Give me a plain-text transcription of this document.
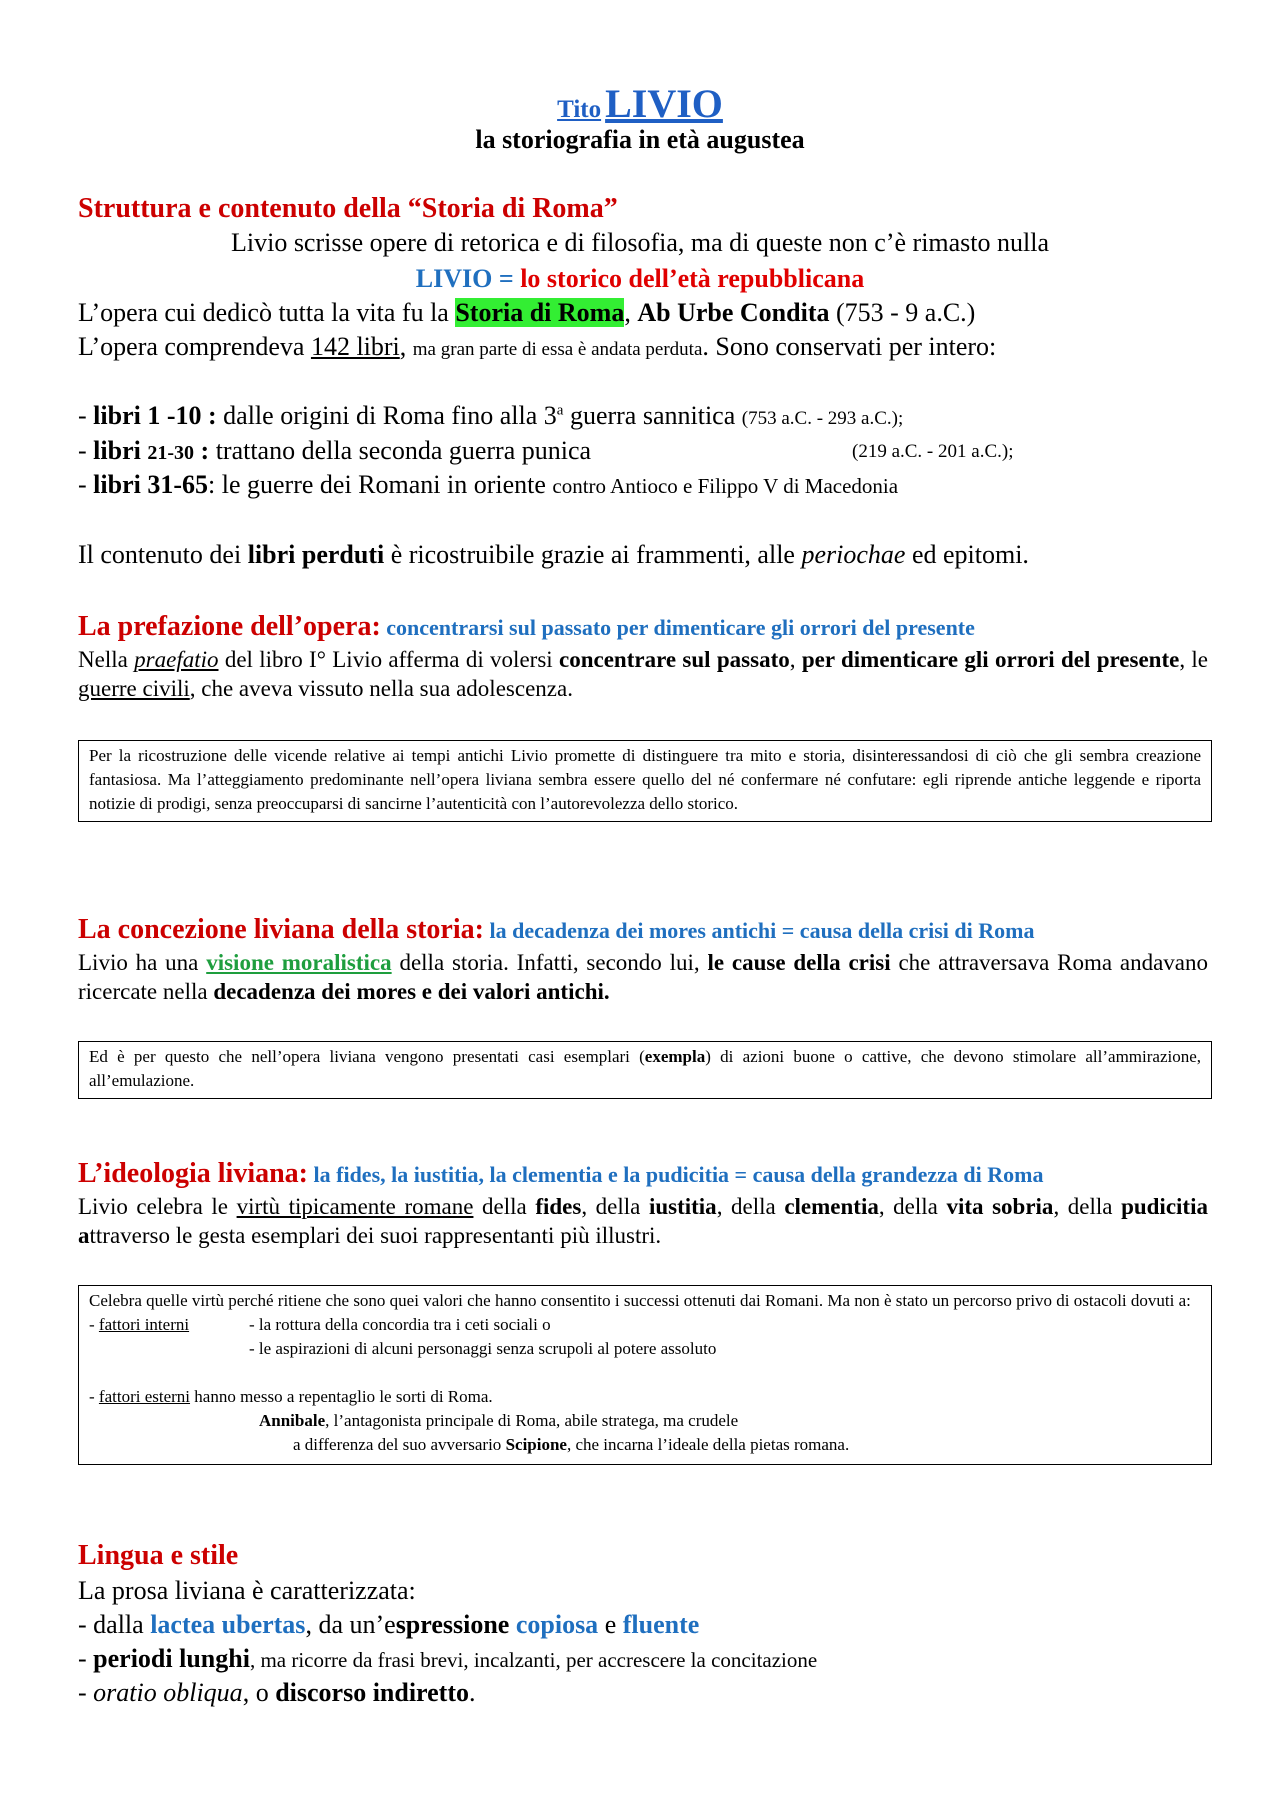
Tito LIVIO
la storiografia in età augustea
Struttura e contenuto della “Storia di Roma”
Livio scrisse opere di retorica e di filosofia, ma di queste non c’è rimasto nulla
LIVIO = lo storico dell’età repubblicana
L’opera cui dedicò tutta la vita fu la Storia di Roma, Ab Urbe Condita (753 - 9 a.C.)
L’opera comprendeva 142 libri, ma gran parte di essa è andata perduta. Sono conservati per intero:
- libri 1 -10 : dalle origini di Roma fino alla 3$^a$ guerra sannitica (753 a.C. - 293 a.C.);
- libri 21-30 : trattano della seconda guerra punica	(219 a.C. - 201 a.C.);
- libri 31-65: le guerre dei Romani in oriente contro Antioco e Filippo V di Macedonia
Il contenuto dei libri perduti è ricostruibile grazie ai frammenti, alle periochae ed epitomi.
La prefazione dell’opera: concentrarsi sul passato per dimenticare gli orrori del presente
Nella praefatio del libro I° Livio afferma di volersi concentrare sul passato, per dimenticare gli orrori del presente, le guerre civili, che aveva vissuto nella sua adolescenza.
Per la ricostruzione delle vicende relative ai tempi antichi Livio promette di distinguere tra mito e storia, disinteressandosi di ciò che gli sembra creazione fantasiosa. Ma l’atteggiamento predominante nell’opera liviana sembra essere quello del né confermare né confutare: egli riprende antiche leggende e riporta notizie di prodigi, senza preoccuparsi di sancirne l’autenticità con l’autorevolezza dello storico.
La concezione liviana della storia: la decadenza dei mores antichi = causa della crisi di Roma
Livio ha una visione moralistica della storia. Infatti, secondo lui, le cause della crisi che attraversava Roma andavano ricercate nella decadenza dei mores e dei valori antichi.
Ed è per questo che nell’opera liviana vengono presentati casi esemplari (exempla) di azioni buone o cattive, che devono stimolare all’ammirazione, all’emulazione.
L’ideologia liviana: la fides, la iustitia, la clementia e la pudicitia = causa della grandezza di Roma
Livio celebra le virtù tipicamente romane della fides, della iustitia, della clementia, della vita sobria, della pudicitia attraverso le gesta esemplari dei suoi rappresentanti più illustri.
Celebra quelle virtù perché ritiene che sono quei valori che hanno consentito i successi ottenuti dai Romani. Ma non è stato un percorso privo di ostacoli dovuti a:
- fattori interni	- la rottura della concordia tra i ceti sociali o
- le aspirazioni di alcuni personaggi senza scrupoli al potere assoluto
- fattori esterni hanno messo a repentaglio le sorti di Roma.
Annibale, l’antagonista principale di Roma, abile stratega, ma crudele
a differenza del suo avversario Scipione, che incarna l’ideale della pietas romana.
Lingua e stile
La prosa liviana è caratterizzata:
- dalla lactea ubertas, da un’espressione copiosa e fluente
- periodi lunghi, ma ricorre da frasi brevi, incalzanti, per accrescere la concitazione
- oratio obliqua, o discorso indiretto.
